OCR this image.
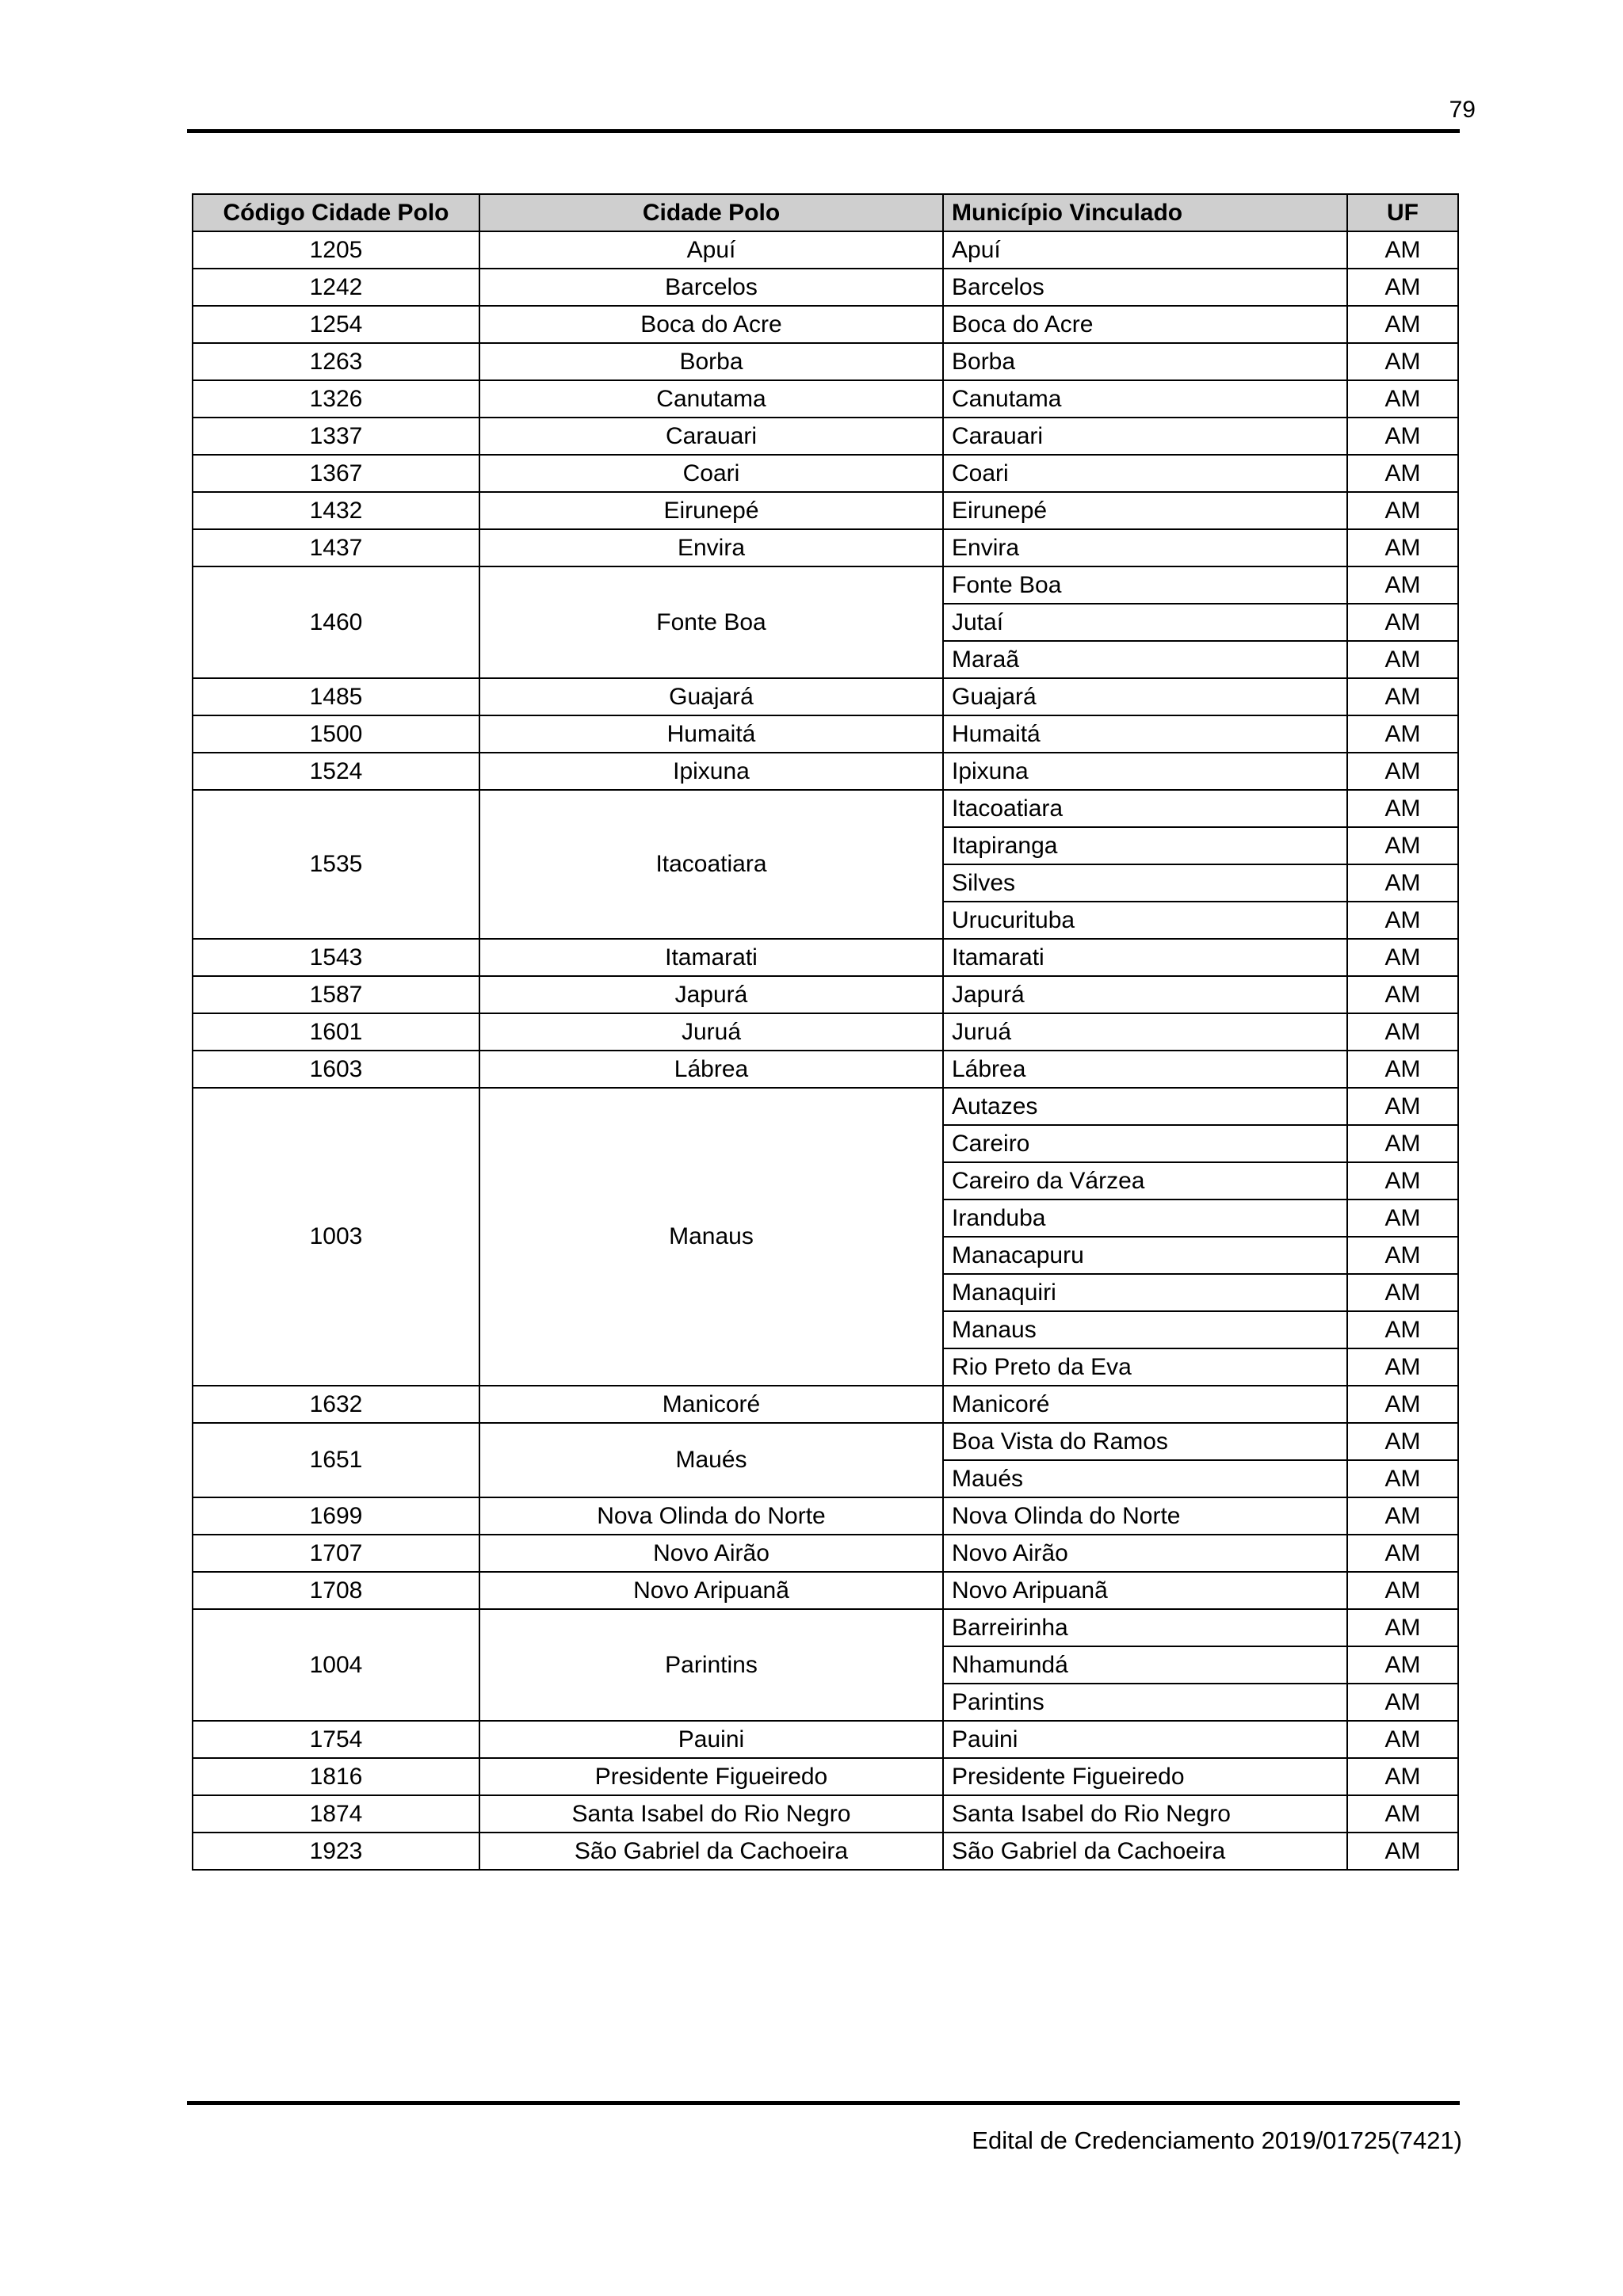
79
Código Cidade Polo	Cidade Polo	Município Vinculado	UF
1205	Apuí	Apuí	AM
1242	Barcelos	Barcelos	AM
1254	Boca do Acre	Boca do Acre	AM
1263	Borba	Borba	AM
1326	Canutama	Canutama	AM
1337	Carauari	Carauari	AM
1367	Coari	Coari	AM
1432	Eirunepé	Eirunepé	AM
1437	Envira	Envira	AM
1460	Fonte Boa	Fonte Boa	AM
		Jutaí	AM
		Maraã	AM
1485	Guajará	Guajará	AM
1500	Humaitá	Humaitá	AM
1524	Ipixuna	Ipixuna	AM
1535	Itacoatiara	Itacoatiara	AM
		Itapiranga	AM
		Silves	AM
		Urucurituba	AM
1543	Itamarati	Itamarati	AM
1587	Japurá	Japurá	AM
1601	Juruá	Juruá	AM
1603	Lábrea	Lábrea	AM
1003	Manaus	Autazes	AM
		Careiro	AM
		Careiro da Várzea	AM
		Iranduba	AM
		Manacapuru	AM
		Manaquiri	AM
		Manaus	AM
		Rio Preto da Eva	AM
1632	Manicoré	Manicoré	AM
1651	Maués	Boa Vista do Ramos	AM
		Maués	AM
1699	Nova Olinda do Norte	Nova Olinda do Norte	AM
1707	Novo Airão	Novo Airão	AM
1708	Novo Aripuanã	Novo Aripuanã	AM
1004	Parintins	Barreirinha	AM
		Nhamundá	AM
		Parintins	AM
1754	Pauini	Pauini	AM
1816	Presidente Figueiredo	Presidente Figueiredo	AM
1874	Santa Isabel do Rio Negro	Santa Isabel do Rio Negro	AM
1923	São Gabriel da Cachoeira	São Gabriel da Cachoeira	AM
Edital de Credenciamento 2019/01725(7421)
